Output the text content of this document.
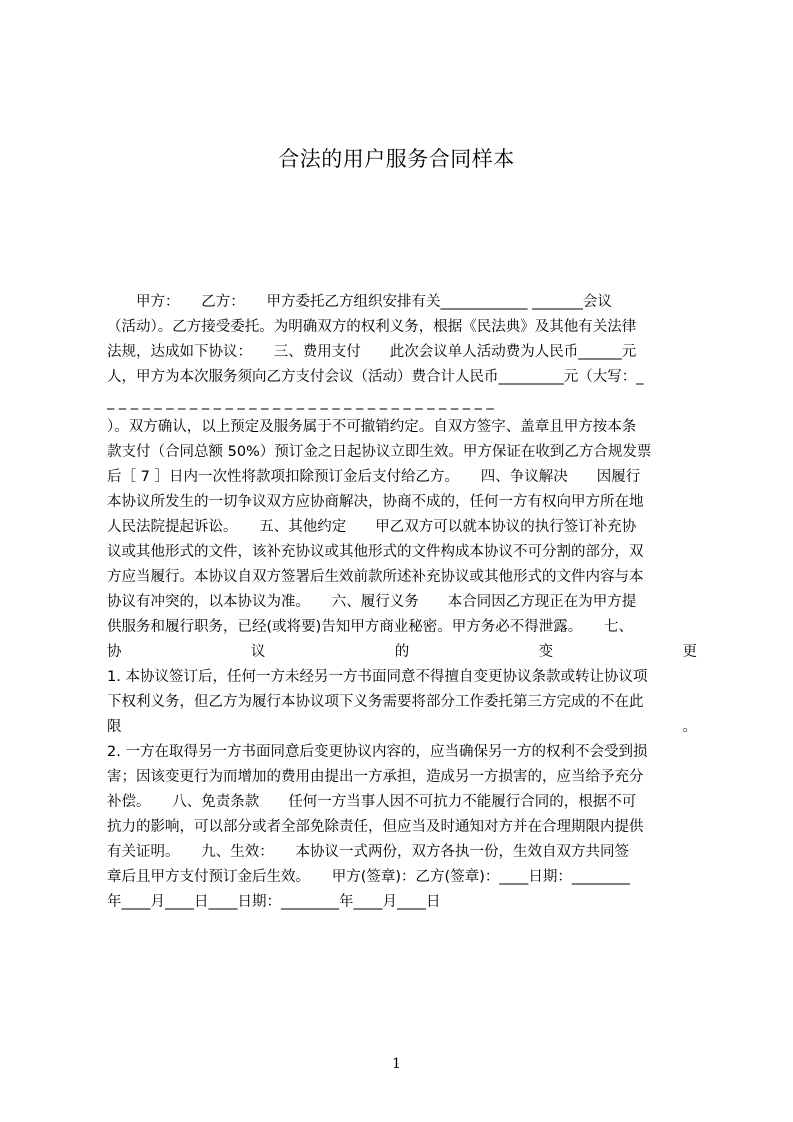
合法的用户服务合同样本
　　甲方：　　乙方：　　甲方委托乙方组织安排有关____________ _______会议
（活动）。乙方接受委托。为明确双方的权利义务，根据《民法典》及其他有关法律
法规，达成如下协议：　　三、费用支付　　此次会议单人活动费为人民币______元
人，甲方为本次服务须向乙方支付会议（活动）费合计人民币_________元（大写：_
_ _ _ _ _ _ _ _ _ _ _ _ _ _ _ _ _ _ _ _ _ _ _ _ _ _ _ _ _ _ _ _ _
）。双方确认，以上预定及服务属于不可撤销约定。自双方签字、盖章且甲方按本条
款支付（合同总额 50%）预订金之日起协议立即生效。甲方保证在收到乙方合规发票
后［ 7 ］日内一次性将款项扣除预订金后支付给乙方。　　四、争议解决　　因履行
本协议所发生的一切争议双方应协商解决，协商不成的，任何一方有权向甲方所在地
人民法院提起诉讼。　　五、其他约定　　甲乙双方可以就本协议的执行签订补充协
议或其他形式的文件，该补充协议或其他形式的文件构成本协议不可分割的部分，双
方应当履行。本协议自双方签署后生效前款所述补充协议或其他形式的文件内容与本
协议有冲突的，以本协议为准。　　六、履行义务　　本合同因乙方现正在为甲方提
供服务和履行职务，已经(或将要)告知甲方商业秘密。甲方务必不得泄露。　　七、
协	议	的	变	更
1. 本协议签订后，任何一方未经另一方书面同意不得擅自变更协议条款或转让协议项
下权利义务，但乙方为履行本协议项下义务需要将部分工作委托第三方完成的不在此
限	。
2. 一方在取得另一方书面同意后变更协议内容的，应当确保另一方的权利不会受到损
害；因该变更行为而增加的费用由提出一方承担，造成另一方损害的，应当给予充分
补偿。　　八、免责条款　　任何一方当事人因不可抗力不能履行合同的，根据不可
抗力的影响，可以部分或者全部免除责任，但应当及时通知对方并在合理期限内提供
有关证明。　　九、生效：　　本协议一式两份，双方各执一份，生效自双方共同签
章后且甲方支付预订金后生效。　　甲方(签章)：乙方(签章)：____日期：________
年____月____日____日期：________年____月____日
1
